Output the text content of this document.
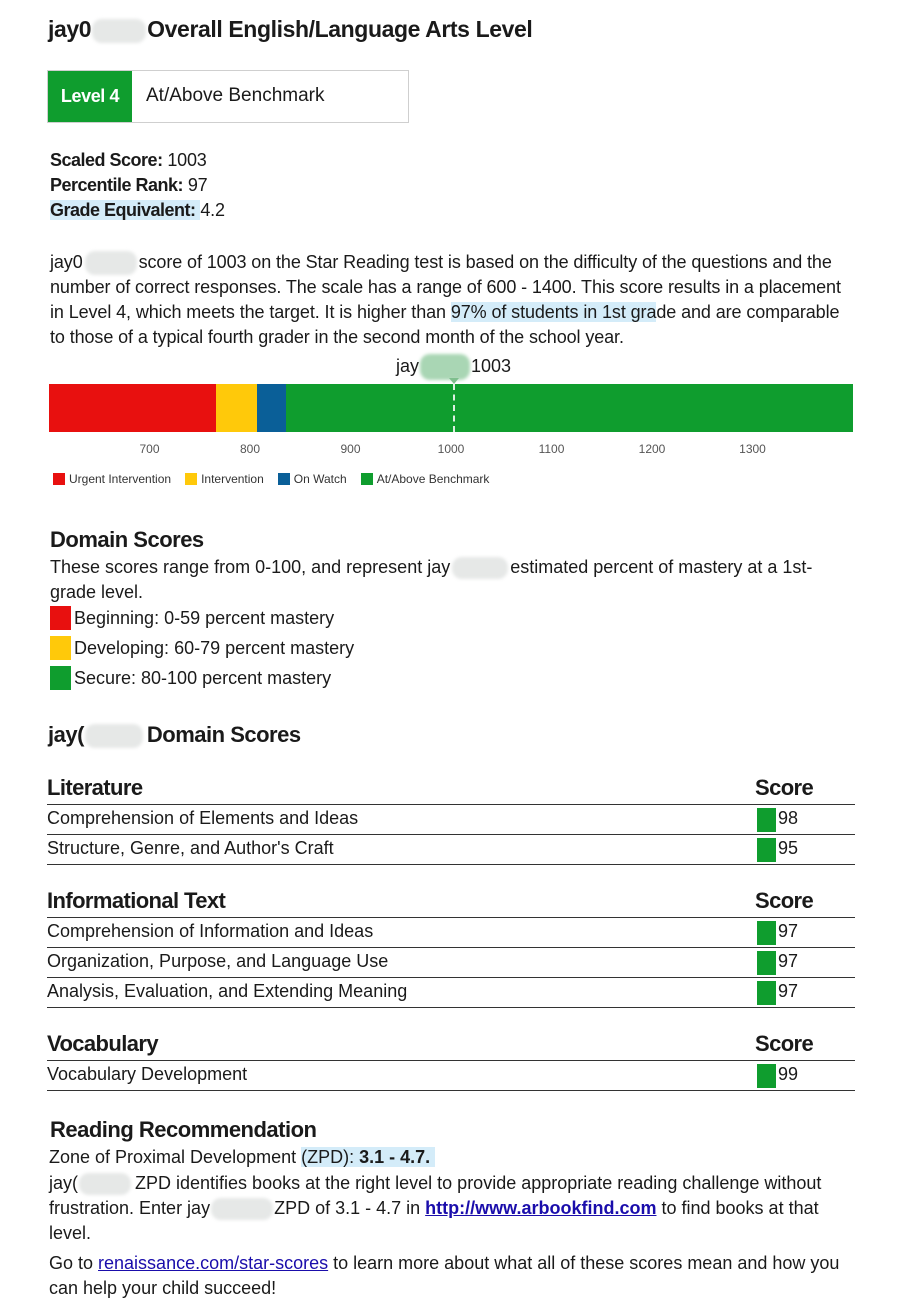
jay0 Overall English/Language Arts Level
Level 4	At/Above Benchmark
Scaled Score: 1003
Percentile Rank: 97
Grade Equivalent: 4.2
jay0	score of 1003 on the Star Reading test is based on the difficulty of the questions and the number of correct responses. The scale has a range of 600 - 1400. This score results in a placement in Level 4, which meets the target. It is higher than 97% of students in 1st grade and are comparable to those of a typical fourth grader in the second month of the school year.
jay	1003
700	800	900	1000	1100	1200	1300
Urgent Intervention	Intervention	On Watch	At/Above Benchmark
Domain Scores
These scores range from 0-100, and represent jay	estimated percent of mastery at a 1st-grade level.
Beginning: 0-59 percent mastery
Developing: 60-79 percent mastery
Secure: 80-100 percent mastery
jay(	Domain Scores
Literature	Score
Comprehension of Elements and Ideas	98
Structure, Genre, and Author's Craft	95
Informational Text	Score
Comprehension of Information and Ideas	97
Organization, Purpose, and Language Use	97
Analysis, Evaluation, and Extending Meaning	97
Vocabulary	Score
Vocabulary Development	99
Reading Recommendation
Zone of Proximal Development (ZPD): 3.1 - 4.7.
jay(	ZPD identifies books at the right level to provide appropriate reading challenge without frustration. Enter jay	ZPD of 3.1 - 4.7 in http://www.arbookfind.com to find books at that level.
Go to renaissance.com/star-scores to learn more about what all of these scores mean and how you can help your child succeed!
